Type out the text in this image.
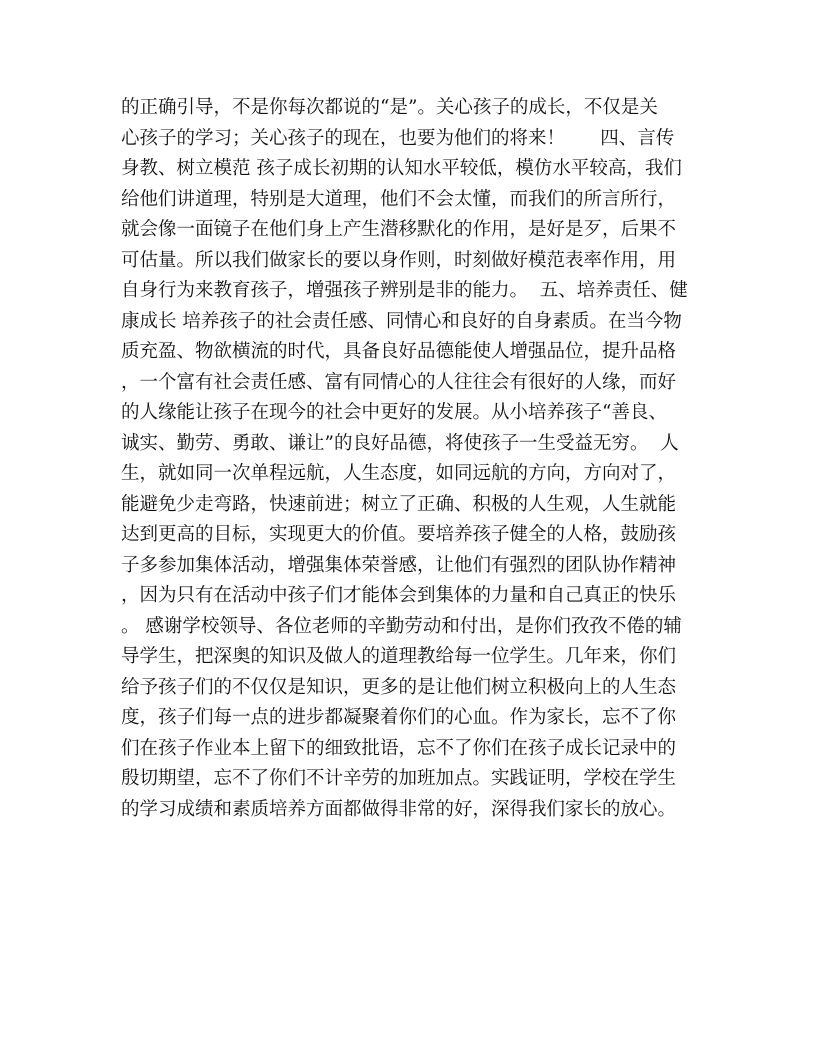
的正确引导，不是你每次都说的“是”。关心孩子的成长，不仅是关
心孩子的学习；关心孩子的现在，也要为他们的将来！      四、言传
身教、树立模范 孩子成长初期的认知水平较低，模仿水平较高，我们
给他们讲道理，特别是大道理，他们不会太懂，而我们的所言所行，
就会像一面镜子在他们身上产生潜移默化的作用，是好是歹，后果不
可估量。所以我们做家长的要以身作则，时刻做好模范表率作用，用
自身行为来教育孩子，增强孩子辨别是非的能力。  五、培养责任、健
康成长 培养孩子的社会责任感、同情心和良好的自身素质。在当今物
质充盈、物欲横流的时代，具备良好品德能使人增强品位，提升品格
，一个富有社会责任感、富有同情心的人往往会有很好的人缘，而好
的人缘能让孩子在现今的社会中更好的发展。从小培养孩子“善良、
诚实、勤劳、勇敢、谦让”的良好品德，将使孩子一生受益无穷。  人
生，就如同一次单程远航，人生态度，如同远航的方向，方向对了，
能避免少走弯路，快速前进；树立了正确、积极的人生观，人生就能
达到更高的目标，实现更大的价值。要培养孩子健全的人格，鼓励孩
子多参加集体活动，增强集体荣誉感，让他们有强烈的团队协作精神
，因为只有在活动中孩子们才能体会到集体的力量和自己真正的快乐
。 感谢学校领导、各位老师的辛勤劳动和付出，是你们孜孜不倦的辅
导学生，把深奥的知识及做人的道理教给每一位学生。几年来，你们
给予孩子们的不仅仅是知识，更多的是让他们树立积极向上的人生态
度，孩子们每一点的进步都凝聚着你们的心血。作为家长，忘不了你
们在孩子作业本上留下的细致批语，忘不了你们在孩子成长记录中的
殷切期望，忘不了你们不计辛劳的加班加点。实践证明，学校在学生
的学习成绩和素质培养方面都做得非常的好，深得我们家长的放心。
